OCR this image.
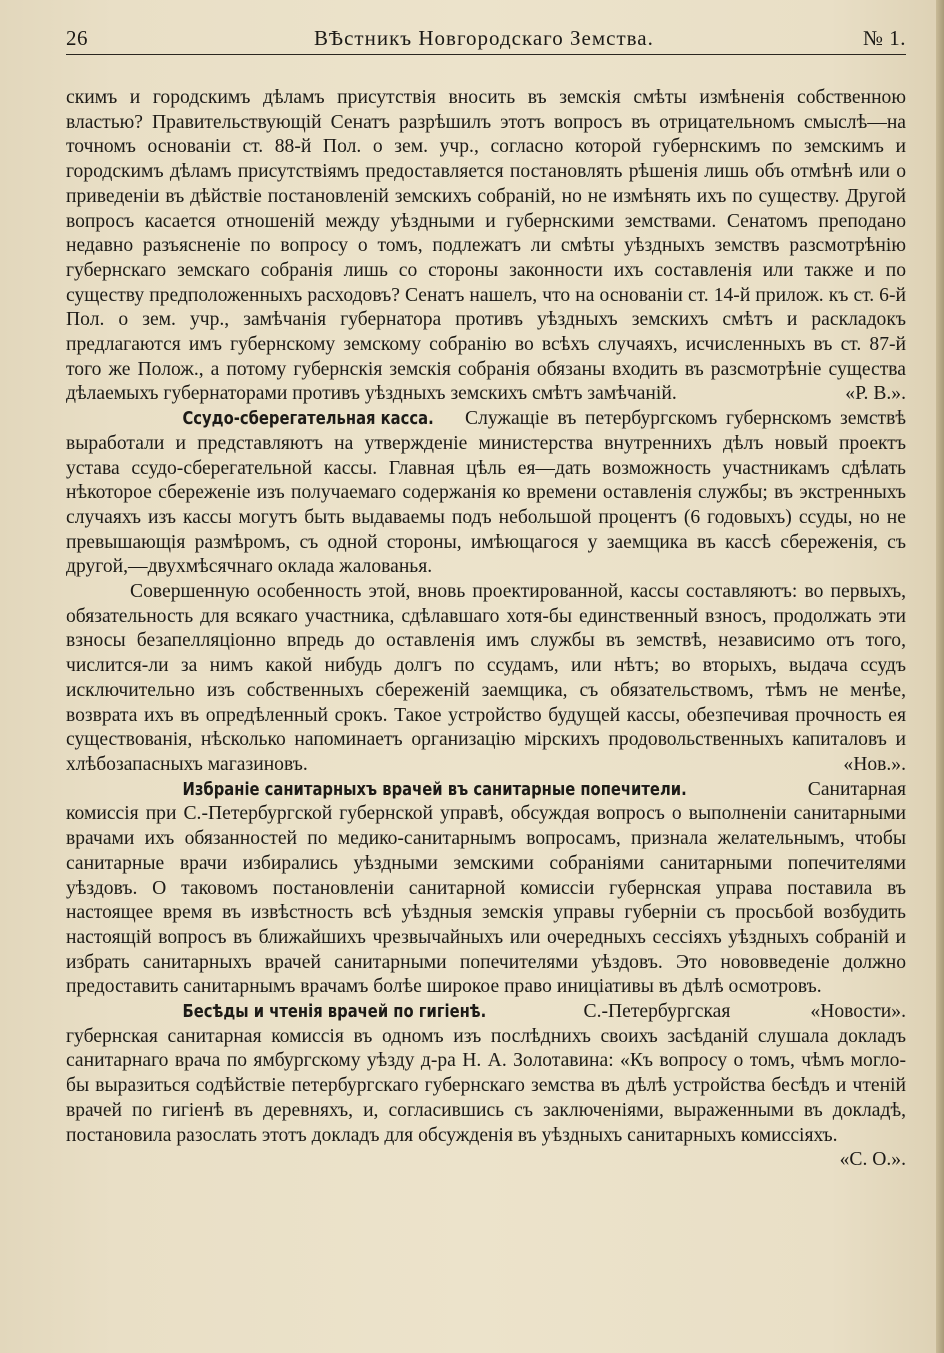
26	ВѢстникъ Новгородскаго Земства.	№ 1.

скимъ и городскимъ дѣламъ присутствія вносить въ земскія смѣты измѣненія собственною властью? Правительствующій Сенатъ разрѣшилъ этотъ вопросъ въ отрицательномъ смыслѣ—на точномъ основаніи ст. 88-й Пол. о зем. учр., согласно которой губернскимъ по земскимъ и городскимъ дѣламъ присутствіямъ предоставляется постановлять рѣшенія лишь объ отмѣнѣ или о приведеніи въ дѣйствіе постановленій земскихъ собраній, но не измѣнять ихъ по существу. Другой вопросъ касается отношеній между уѣздными и губернскими земствами. Сенатомъ преподано недавно разъясненіе по вопросу о томъ, подлежатъ ли смѣты уѣздныхъ земствъ разсмотрѣнію губернскаго земскаго собранія лишь со стороны законности ихъ составленія или также и по существу предположенныхъ расходовъ? Сенатъ нашелъ, что на основаніи ст. 14-й прилож. къ ст. 6-й Пол. о зем. учр., замѣчанія губернатора противъ уѣздныхъ земскихъ смѣтъ и раскладокъ предлагаются имъ губернскому земскому собранію во всѣхъ случаяхъ, исчисленныхъ въ ст. 87-й того же Полож., а потому губернскія земскія собранія обязаны входить въ разсмотрѣніе существа дѣлаемыхъ губернаторами противъ уѣздныхъ земскихъ смѣтъ замѣчаній.	«Р. В.».

Ссудо-сберегательная касса. Служащіе въ петербургскомъ губернскомъ земствѣ выработали и представляютъ на утвержденіе министерства внутреннихъ дѣлъ новый проектъ устава ссудо-сберегательной кассы. Главная цѣль ея—дать возможность участникамъ сдѣлать нѣкоторое сбереженіе изъ получаемаго содержанія ко времени оставленія службы; въ экстренныхъ случаяхъ изъ кассы могутъ быть выдаваемы подъ небольшой процентъ (6 годовыхъ) ссуды, но не превышающія размѣромъ, съ одной стороны, имѣющагося у заемщика въ кассѣ сбереженія, съ другой,—двухмѣсячнаго оклада жалованья.

Совершенную особенность этой, вновь проектированной, кассы составляютъ: во первыхъ, обязательность для всякаго участника, сдѣлавшаго хотя-бы единственный взносъ, продолжать эти взносы безапелляціонно впредь до оставленія имъ службы въ земствѣ, независимо отъ того, числится-ли за нимъ какой нибудь долгъ по ссудамъ, или нѣтъ; во вторыхъ, выдача ссудъ исключительно изъ собственныхъ сбереженій заемщика, съ обязательствомъ, тѣмъ не менѣе, возврата ихъ въ опредѣленный срокъ. Такое устройство будущей кассы, обезпечивая прочность ея существованія, нѣсколько напоминаетъ организацію мірскихъ продовольственныхъ капиталовъ и хлѣбозапасныхъ магазиновъ.	«Нов.».

Избраніе санитарныхъ врачей въ санитарные попечители.	Санитарная комиссія при С.-Петербургской губернской управѣ, обсуждая вопросъ о выполненіи санитарными врачами ихъ обязанностей по медико-санитарнымъ вопросамъ, признала желательнымъ, чтобы санитарные врачи избирались уѣздными земскими собраніями санитарными попечителями уѣздовъ. О таковомъ постановленіи санитарной комиссіи губернская управа поставила въ настоящее время въ извѣстность всѣ уѣздныя земскія управы губерніи съ просьбой возбудить настоящій вопросъ въ ближайшихъ чрезвычайныхъ или очередныхъ сессіяхъ уѣздныхъ собраній и избрать санитарныхъ врачей санитарными попечителями уѣздовъ. Это нововведеніе должно предоставить санитарнымъ врачамъ болѣе широкое право иниціативы въ дѣлѣ осмотровъ.
«Новости».

Бесѣды и чтенія врачей по гигіенѣ.	С.-Петербургская губернская санитарная комиссія въ одномъ изъ послѣднихъ своихъ засѣданій слушала докладъ санитарнаго врача по ямбургскому уѣзду д-ра Н. А. Золотавина: «Къ вопросу о томъ, чѣмъ могло-бы выразиться содѣйствіе петербургскаго губернскаго земства въ дѣлѣ устройства бесѣдъ и чтеній врачей по гигіенѣ въ деревняхъ, и, согласившись съ заключеніями, выраженными въ докладѣ, постановила разослать этотъ докладъ для обсужденія въ уѣздныхъ санитарныхъ комиссіяхъ.
«С. О.».
